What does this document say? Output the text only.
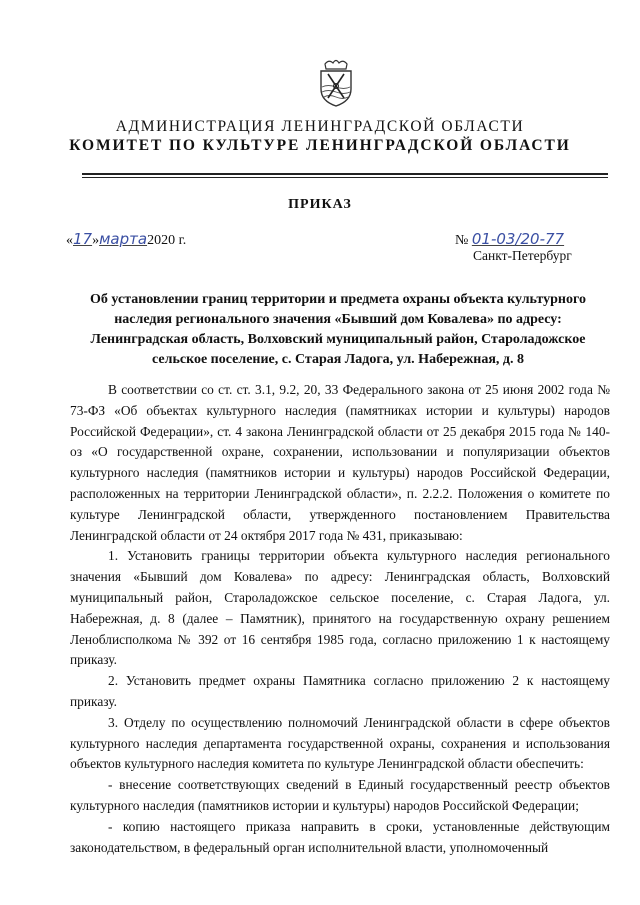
АДМИНИСТРАЦИЯ ЛЕНИНГРАДСКОЙ ОБЛАСТИ
КОМИТЕТ ПО КУЛЬТУРЕ ЛЕНИНГРАДСКОЙ ОБЛАСТИ
ПРИКАЗ
«17»марта2020 г.	№ 01-03/20-77
Санкт-Петербург
Об установлении границ территории и предмета охраны объекта культурного наследия регионального значения «Бывший дом Ковалева» по адресу: Ленинградская область, Волховский муниципальный район, Староладожское сельское поселение, с. Старая Ладога, ул. Набережная, д. 8

В соответствии со ст. ст. 3.1, 9.2, 20, 33 Федерального закона от 25 июня 2002 года № 73-ФЗ «Об объектах культурного наследия (памятниках истории и культуры) народов Российской Федерации», ст. 4 закона Ленинградской области от 25 декабря 2015 года № 140-оз «О государственной охране, сохранении, использовании и популяризации объектов культурного наследия (памятников истории и культуры) народов Российской Федерации, расположенных на территории Ленинградской области», п. 2.2.2. Положения о комитете по культуре Ленинградской области, утвержденного постановлением Правительства Ленинградской области от 24 октября 2017 года № 431, приказываю:

1. Установить границы территории объекта культурного наследия регионального значения «Бывший дом Ковалева» по адресу: Ленинградская область, Волховский муниципальный район, Староладожское сельское поселение, с. Старая Ладога, ул. Набережная, д. 8 (далее – Памятник), принятого на государственную охрану решением Леноблисполкома № 392 от 16 сентября 1985 года, согласно приложению 1 к настоящему приказу.

2. Установить предмет охраны Памятника согласно приложению 2 к настоящему приказу.

3. Отделу по осуществлению полномочий Ленинградской области в сфере объектов культурного наследия департамента государственной охраны, сохранения и использования объектов культурного наследия комитета по культуре Ленинградской области обеспечить:

- внесение соответствующих сведений в Единый государственный реестр объектов культурного наследия (памятников истории и культуры) народов Российской Федерации;

- копию настоящего приказа направить в сроки, установленные действующим законодательством, в федеральный орган исполнительной власти, уполномоченный
